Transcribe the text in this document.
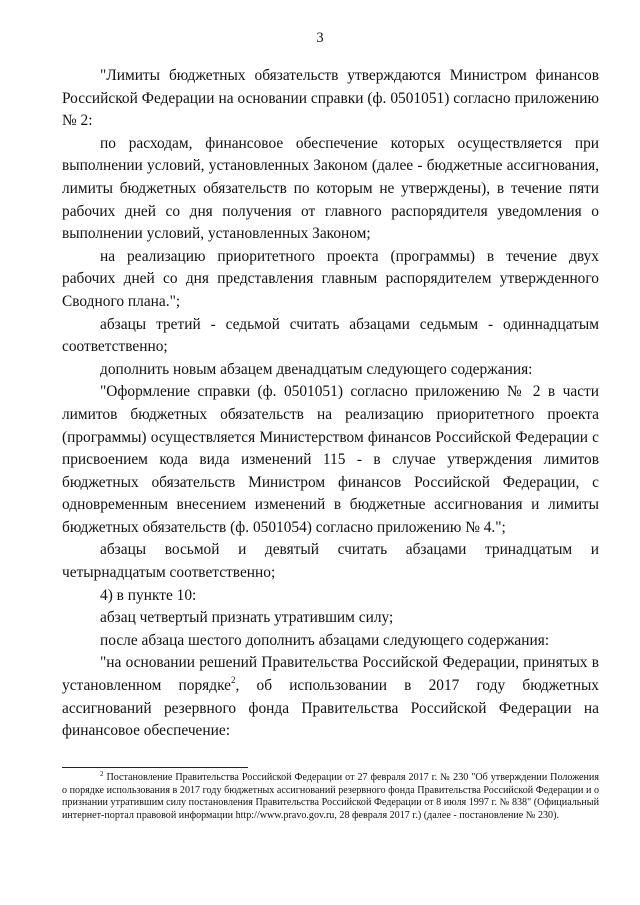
3

"Лимиты бюджетных обязательств утверждаются Министром финансов Российской Федерации на основании справки (ф. 0501051) согласно приложению № 2:

по расходам, финансовое обеспечение которых осуществляется при выполнении условий, установленных Законом (далее - бюджетные ассигнования, лимиты бюджетных обязательств по которым не утверждены), в течение пяти рабочих дней со дня получения от главного распорядителя уведомления о выполнении условий, установленных Законом;

на реализацию приоритетного проекта (программы) в течение двух рабочих дней со дня представления главным распорядителем утвержденного Сводного плана.";

абзацы третий - седьмой считать абзацами седьмым - одиннадцатым соответственно;

дополнить новым абзацем двенадцатым следующего содержания:

"Оформление справки (ф. 0501051) согласно приложению № 2 в части лимитов бюджетных обязательств на реализацию приоритетного проекта (программы) осуществляется Министерством финансов Российской Федерации с присвоением кода вида изменений 115 - в случае утверждения лимитов бюджетных обязательств Министром финансов Российской Федерации, с одновременным внесением изменений в бюджетные ассигнования и лимиты бюджетных обязательств (ф. 0501054) согласно приложению № 4.";

абзацы восьмой и девятый считать абзацами тринадцатым и четырнадцатым соответственно;

4) в пункте 10:

абзац четвертый признать утратившим силу;

после абзаца шестого дополнить абзацами следующего содержания:

"на основании решений Правительства Российской Федерации, принятых в установленном порядке$^2$, об использовании в 2017 году бюджетных ассигнований резервного фонда Правительства Российской Федерации на финансовое обеспечение:

$^2$ Постановление Правительства Российской Федерации от 27 февраля 2017 г. № 230 "Об утверждении Положения о порядке использования в 2017 году бюджетных ассигнований резервного фонда Правительства Российской Федерации и о признании утратившим силу постановления Правительства Российской Федерации от 8 июля 1997 г. № 838" (Официальный интернет-портал правовой информации http://www.pravo.gov.ru, 28 февраля 2017 г.) (далее - постановление № 230).
